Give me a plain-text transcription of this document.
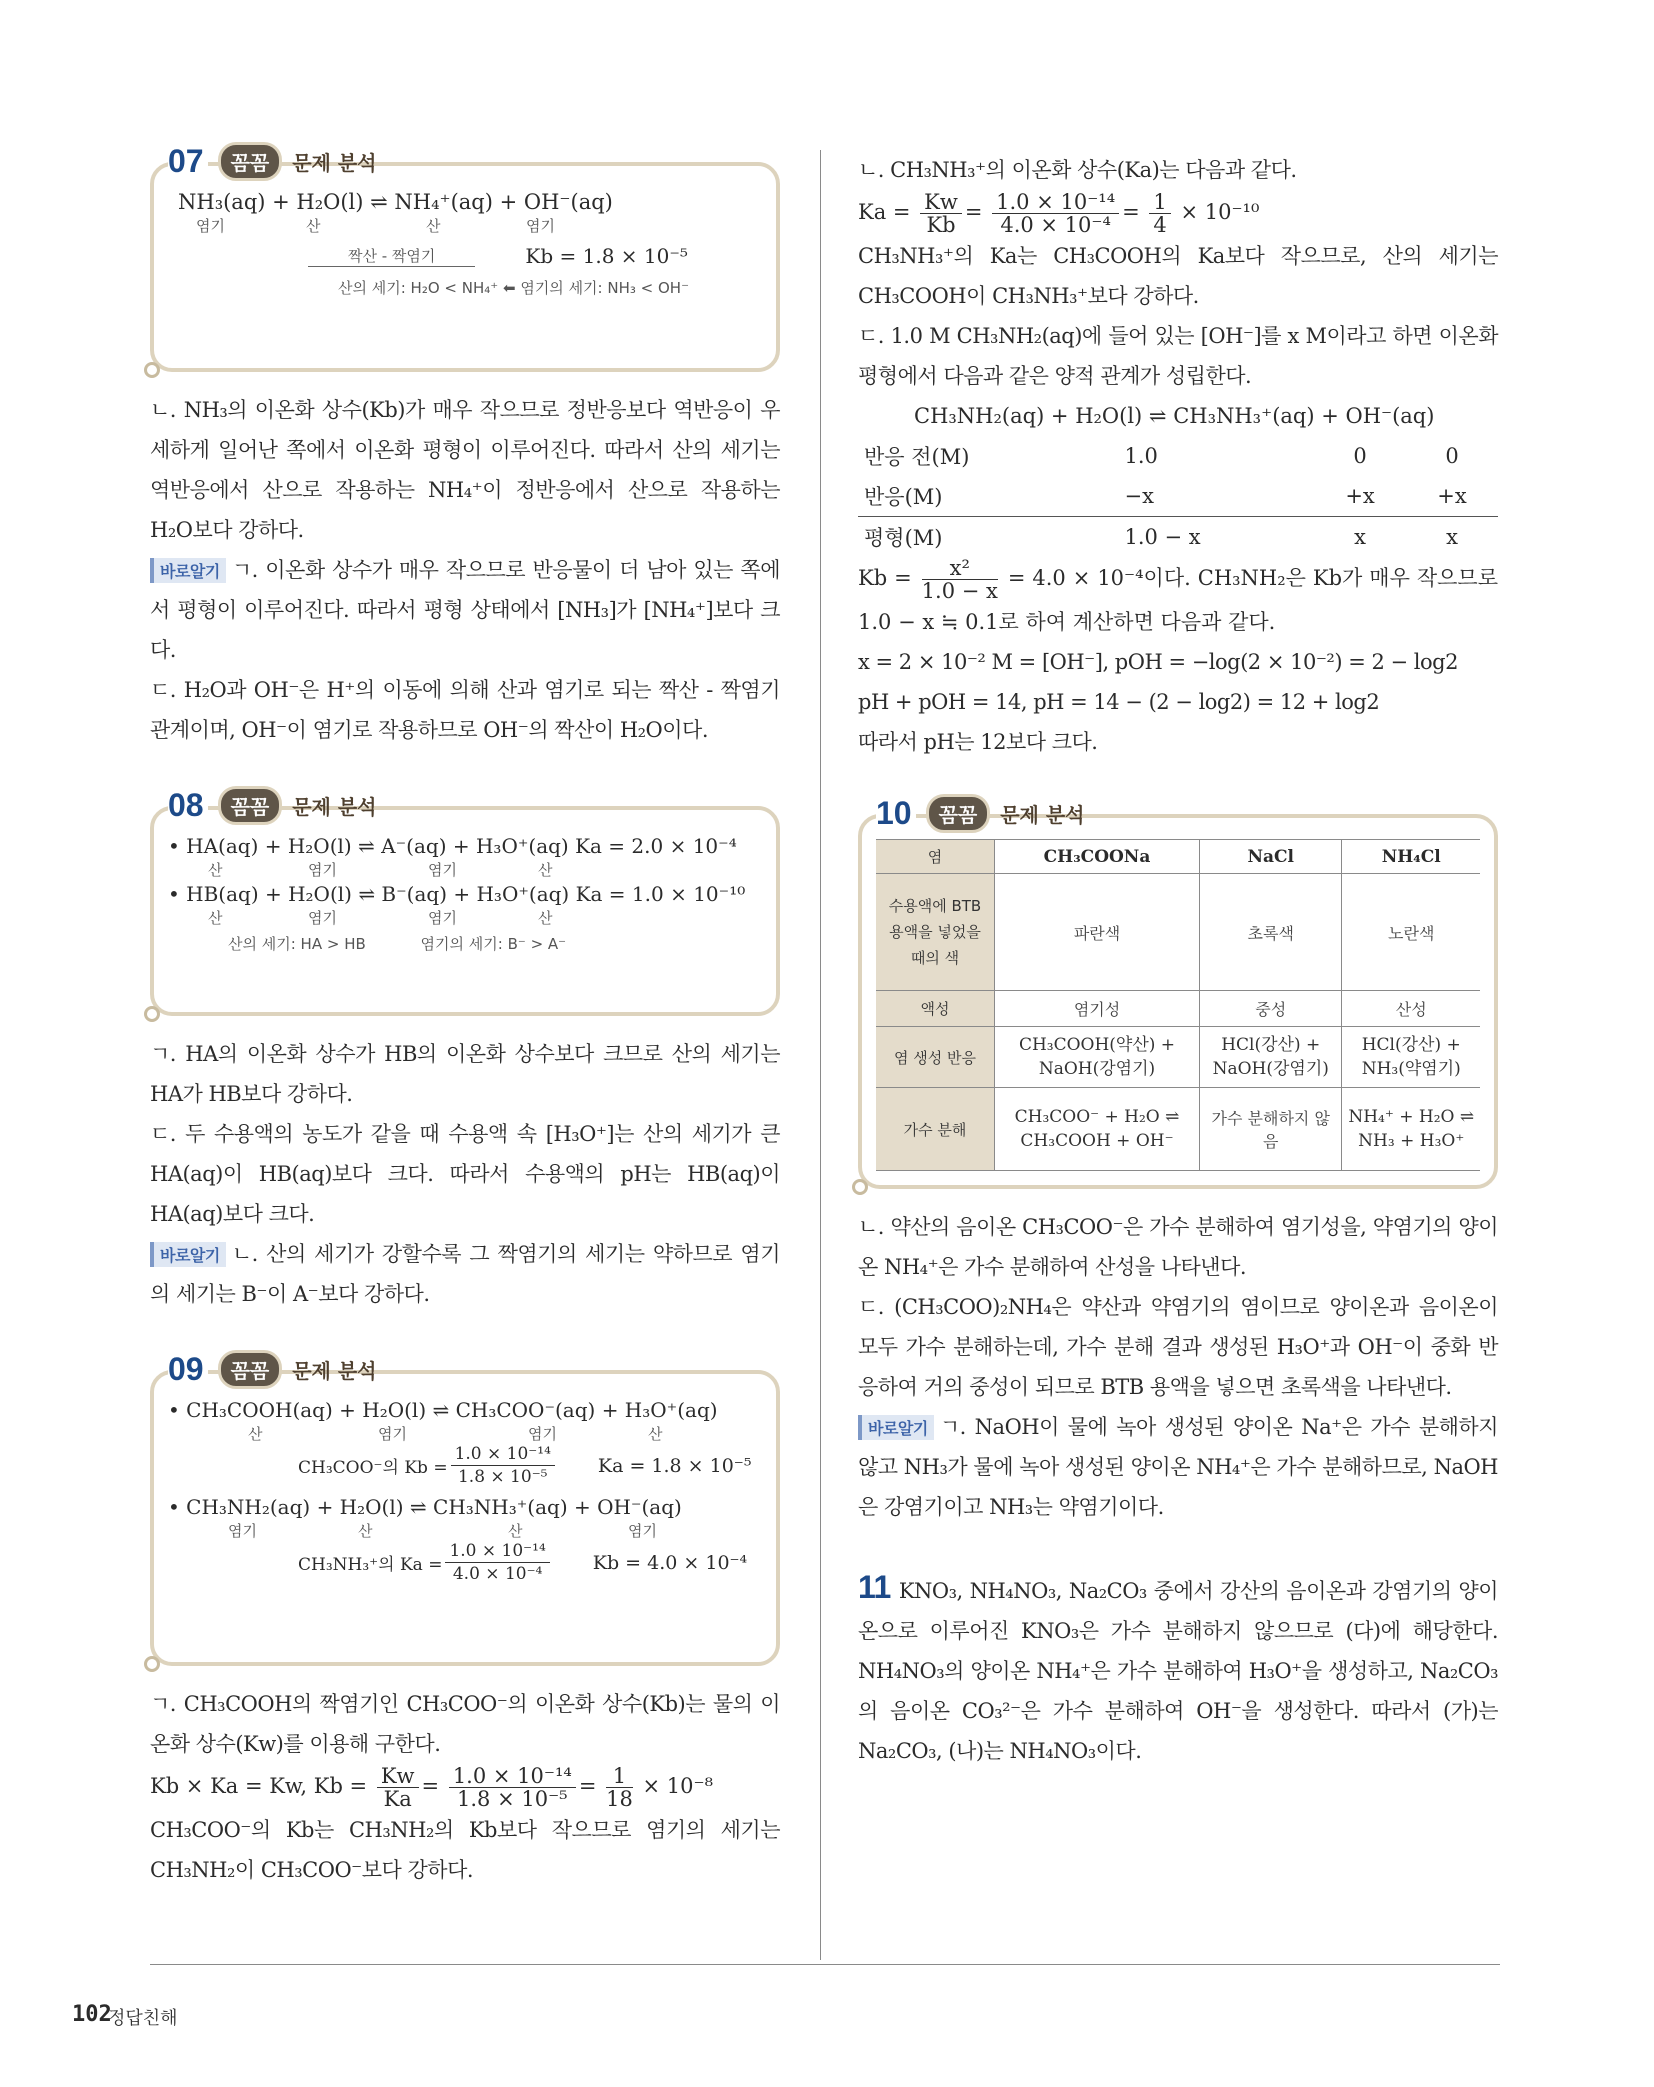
07	꼼꼼	문제 분석
NH₃(aq) + H₂O(l) ⇌ NH₄⁺(aq) + OH⁻(aq)
염기	산	산	염기
짝산 - 짝염기	Kb = 1.8 × 10⁻⁵
산의 세기: H₂O < NH₄⁺ ⬅ 염기의 세기: NH₃ < OH⁻

ㄴ. NH₃의 이온화 상수(Kb)가 매우 작으므로 정반응보다 역반응이 우세하게 일어난 쪽에서 이온화 평형이 이루어진다. 따라서 산의 세기는 역반응에서 산으로 작용하는 NH₄⁺이 정반응에서 산으로 작용하는 H₂O보다 강하다.

바로알기 ㄱ. 이온화 상수가 매우 작으므로 반응물이 더 남아 있는 쪽에서 평형이 이루어진다. 따라서 평형 상태에서 [NH₃]가 [NH₄⁺]보다 크다.

ㄷ. H₂O과 OH⁻은 H⁺의 이동에 의해 산과 염기로 되는 짝산 - 짝염기 관계이며, OH⁻이 염기로 작용하므로 OH⁻의 짝산이 H₂O이다.

08	꼼꼼	문제 분석
• HA(aq) + H₂O(l) ⇌ A⁻(aq) + H₃O⁺(aq) Ka = 2.0 × 10⁻⁴
산	염기	염기	산
• HB(aq) + H₂O(l) ⇌ B⁻(aq) + H₃O⁺(aq) Ka = 1.0 × 10⁻¹⁰
산	염기	염기	산
산의 세기: HA > HB	염기의 세기: B⁻ > A⁻

ㄱ. HA의 이온화 상수가 HB의 이온화 상수보다 크므로 산의 세기는 HA가 HB보다 강하다.

ㄷ. 두 수용액의 농도가 같을 때 수용액 속 [H₃O⁺]는 산의 세기가 큰 HA(aq)이 HB(aq)보다 크다. 따라서 수용액의 pH는 HB(aq)이 HA(aq)보다 크다.

바로알기 ㄴ. 산의 세기가 강할수록 그 짝염기의 세기는 약하므로 염기의 세기는 B⁻이 A⁻보다 강하다.

09	꼼꼼	문제 분석
• CH₃COOH(aq) + H₂O(l) ⇌ CH₃COO⁻(aq) + H₃O⁺(aq)
산	염기	염기	산
CH₃COO⁻의 $Kb = \frac{\text{1.0 × 10⁻¹⁴}}{\text{1.8 × 10⁻⁵}}$ Ka = 1.8 × 10⁻⁵
• CH₃NH₂(aq) + H₂O(l) ⇌ CH₃NH₃⁺(aq) + OH⁻(aq)
염기	산	산	염기
CH₃NH₃⁺의 $Ka = \frac{\text{1.0 × 10⁻¹⁴}}{\text{4.0 × 10⁻⁴}}$ Kb = 4.0 × 10⁻⁴

ㄱ. CH₃COOH의 짝염기인 CH₃COO⁻의 이온화 상수(Kb)는 물의 이온화 상수(Kw)를 이용해 구한다.

Kb × Ka = Kw, $Kb = \frac{Kw}{Ka} = \frac{\text{1.0 × 10⁻¹⁴}}{\text{1.8 × 10⁻⁵}} = \frac{1}{18} \times 10^{-8}$

CH₃COO⁻의 Kb는 CH₃NH₂의 Kb보다 작으므로 염기의 세기는 CH₃NH₂이 CH₃COO⁻보다 강하다.

ㄴ. CH₃NH₃⁺의 이온화 상수(Ka)는 다음과 같다.

$Ka = \frac{Kw}{Kb} = \frac{\text{1.0 × 10⁻¹⁴}}{\text{4.0 × 10⁻⁴}} = \frac{1}{4} \times 10^{-10}$

CH₃NH₃⁺의 Ka는 CH₃COOH의 Ka보다 작으므로, 산의 세기는 CH₃COOH이 CH₃NH₃⁺보다 강하다.

ㄷ. 1.0 M CH₃NH₂(aq)에 들어 있는 [OH⁻]를 x M이라고 하면 이온화 평형에서 다음과 같은 양적 관계가 성립한다.

CH₃NH₂(aq) + H₂O(l) ⇌ CH₃NH₃⁺(aq) + OH⁻(aq)
반응 전(M)	1.0	0	0
반응(M)	−x	+x	+x
평형(M)	1.0 − x	x	x
$Kb = \frac{\text{x²}}{1.0 - x} = 4.0 \times 10^{-4}$이다. CH₃NH₂은 Kb가 매우 작으므로 1.0 − x ≒ 0.1로 하여 계산하면 다음과 같다.

x = 2 × 10⁻² M = [OH⁻], pOH = −log(2 × 10⁻²) = 2 − log2

pH + pOH = 14, pH = 14 − (2 − log2) = 12 + log2

따라서 pH는 12보다 크다.

10	꼼꼼	문제 분석
염	CH₃COONa	NaCl	NH₄Cl
수용액에 BTB 용액을 넣었을 때의 색	파란색	초록색	노란색
액성	염기성	중성	산성
염 생성 반응	CH₃COOH(약산) + NaOH(강염기)	HCl(강산) + NaOH(강염기)	HCl(강산) + NH₃(약염기)
가수 분해	CH₃COO⁻ + H₂O ⇌ CH₃COOH + OH⁻	가수 분해하지 않음	NH₄⁺ + H₂O ⇌ NH₃ + H₃O⁺

ㄴ. 약산의 음이온 CH₃COO⁻은 가수 분해하여 염기성을, 약염기의 양이온 NH₄⁺은 가수 분해하여 산성을 나타낸다.

ㄷ. (CH₃COO)₂NH₄은 약산과 약염기의 염이므로 양이온과 음이온이 모두 가수 분해하는데, 가수 분해 결과 생성된 H₃O⁺과 OH⁻이 중화 반응하여 거의 중성이 되므로 BTB 용액을 넣으면 초록색을 나타낸다.

바로알기 ㄱ. NaOH이 물에 녹아 생성된 양이온 Na⁺은 가수 분해하지 않고 NH₃가 물에 녹아 생성된 양이온 NH₄⁺은 가수 분해하므로, NaOH은 강염기이고 NH₃는 약염기이다.

11 KNO₃, NH₄NO₃, Na₂CO₃ 중에서 강산의 음이온과 강염기의 양이온으로 이루어진 KNO₃은 가수 분해하지 않으므로 (다)에 해당한다. NH₄NO₃의 양이온 NH₄⁺은 가수 분해하여 H₃O⁺을 생성하고, Na₂CO₃의 음이온 CO₃²⁻은 가수 분해하여 OH⁻을 생성한다. 따라서 (가)는 Na₂CO₃, (나)는 NH₄NO₃이다.

102
정답친해
